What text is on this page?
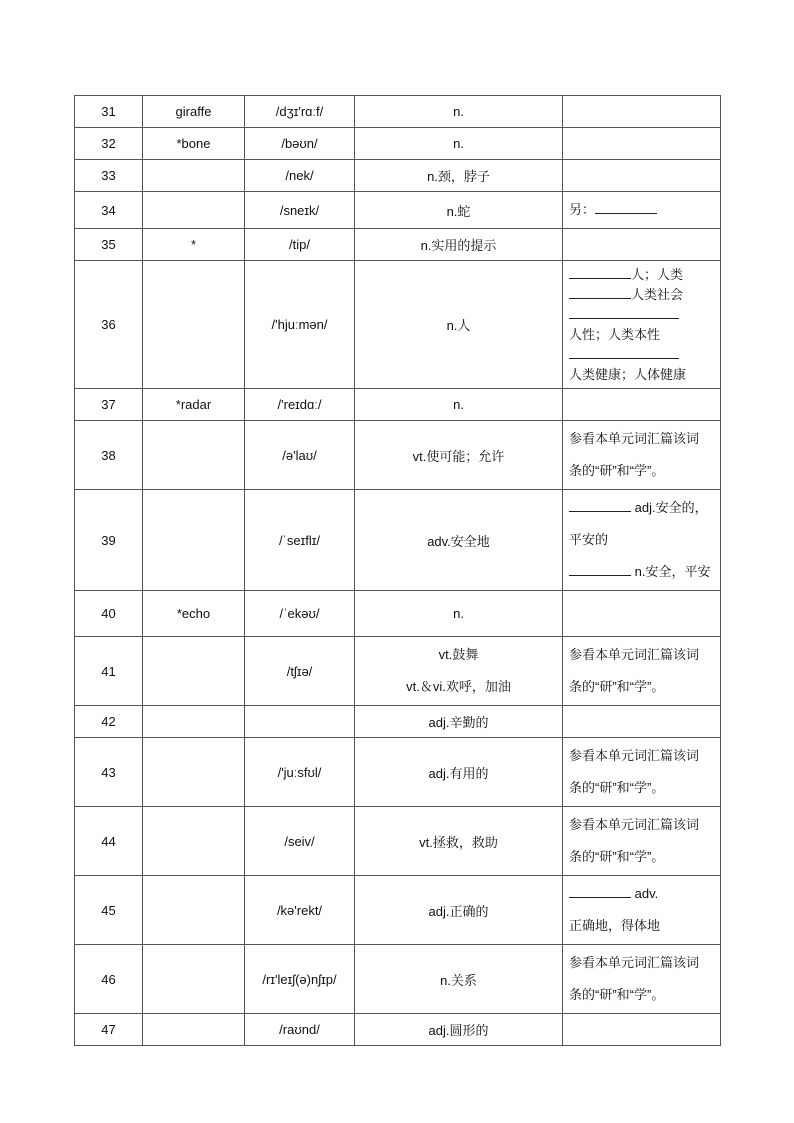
31	giraffe	/dʒɪ'rɑːf/	n.	
32	*bone	/bəʊn/	n.	
33		/nek/	n.颈，脖子	
34		/sneɪk/	n.蛇	另：
35	*	/tip/	n.实用的提示	
36		/'hjuːmən/	n.人	人；人类
人类社会
人性；人类本性
人类健康；人体健康

37	*radar	/'reɪdɑː/	n.	
38		/ə'laʊ/	vt.使可能；允许	参看本单元词汇篇该词
条的“研”和“学”。

39		/ˈseɪflɪ/	adv.安全地	adj.安全的，
平安的
n.安全，平安

40	*echo	/ˈekəʊ/	n.	
41		/tʃɪə/	vt.鼓舞
vt.＆vi.欢呼，加油	参看本单元词汇篇该词
条的“研”和“学”。

42			adj.辛勤的	
43		/'juːsfʊl/	adj.有用的	参看本单元词汇篇该词
条的“研”和“学”。

44		/seiv/	vt.拯救，救助	参看本单元词汇篇该词
条的“研”和“学”。

45		/kə'rekt/	adj.正确的	adv.
正确地，得体地

46		/rɪ'leɪʃ(ə)nʃɪp/	n.关系	参看本单元词汇篇该词
条的“研”和“学”。

47		/raʊnd/	adj.圆形的	
